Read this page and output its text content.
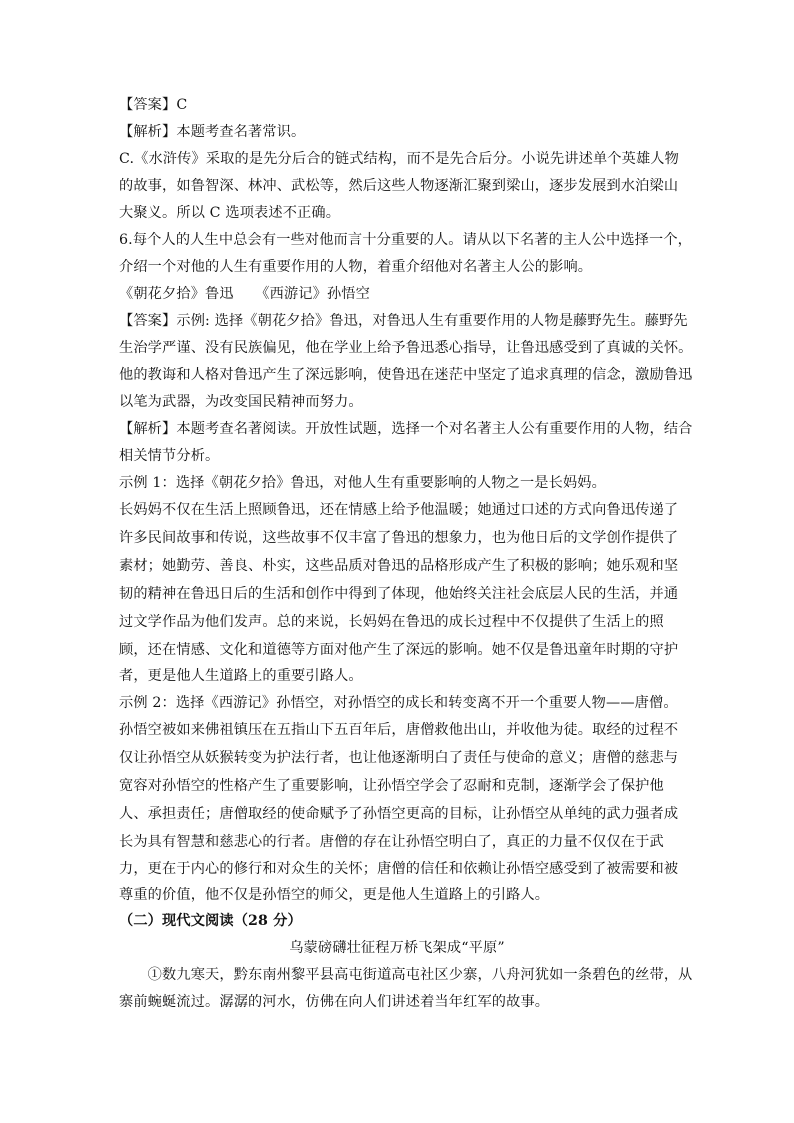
【答案】C
【解析】本题考查名著常识。
C.《水浒传》采取的是先分后合的链式结构，而不是先合后分。小说先讲述单个英雄人物
的故事，如鲁智深、林冲、武松等，然后这些人物逐渐汇聚到梁山，逐步发展到水泊梁山
大聚义。所以 C 选项表述不正确。
6.每个人的人生中总会有一些对他而言十分重要的人。请从以下名著的主人公中选择一个，
介绍一个对他的人生有重要作用的人物，着重介绍他对名著主人公的影响。
《朝花夕拾》鲁迅　　《西游记》孙悟空
【答案】示例: 选择《朝花夕拾》鲁迅，对鲁迅人生有重要作用的人物是藤野先生。藤野先
生治学严谨、没有民族偏见，他在学业上给予鲁迅悉心指导，让鲁迅感受到了真诚的关怀。
他的教诲和人格对鲁迅产生了深远影响，使鲁迅在迷茫中坚定了追求真理的信念，激励鲁迅
以笔为武器，为改变国民精神而努力。
【解析】本题考查名著阅读。开放性试题，选择一个对名著主人公有重要作用的人物，结合
相关情节分析。
示例 1：选择《朝花夕拾》鲁迅，对他人生有重要影响的人物之一是长妈妈。
长妈妈不仅在生活上照顾鲁迅，还在情感上给予他温暖；她通过口述的方式向鲁迅传递了
许多民间故事和传说，这些故事不仅丰富了鲁迅的想象力，也为他日后的文学创作提供了
素材；她勤劳、善良、朴实，这些品质对鲁迅的品格形成产生了积极的影响；她乐观和坚
韧的精神在鲁迅日后的生活和创作中得到了体现，他始终关注社会底层人民的生活，并通
过文学作品为他们发声。总的来说，长妈妈在鲁迅的成长过程中不仅提供了生活上的照
顾，还在情感、文化和道德等方面对他产生了深远的影响。她不仅是鲁迅童年时期的守护
者，更是他人生道路上的重要引路人。
示例 2：选择《西游记》孙悟空，对孙悟空的成长和转变离不开一个重要人物——唐僧。
孙悟空被如来佛祖镇压在五指山下五百年后，唐僧救他出山，并收他为徒。取经的过程不
仅让孙悟空从妖猴转变为护法行者，也让他逐渐明白了责任与使命的意义；唐僧的慈悲与
宽容对孙悟空的性格产生了重要影响，让孙悟空学会了忍耐和克制，逐渐学会了保护他
人、承担责任；唐僧取经的使命赋予了孙悟空更高的目标，让孙悟空从单纯的武力强者成
长为具有智慧和慈悲心的行者。唐僧的存在让孙悟空明白了，真正的力量不仅仅在于武
力，更在于内心的修行和对众生的关怀；唐僧的信任和依赖让孙悟空感受到了被需要和被
尊重的价值，他不仅是孙悟空的师父，更是他人生道路上的引路人。
（二）现代文阅读（28 分）
乌蒙磅礴壮征程万桥飞架成“平原”
　　①数九寒天，黔东南州黎平县高屯街道高屯社区少寨，八舟河犹如一条碧色的丝带，从
寨前蜿蜒流过。潺潺的河水，仿佛在向人们讲述着当年红军的故事。
